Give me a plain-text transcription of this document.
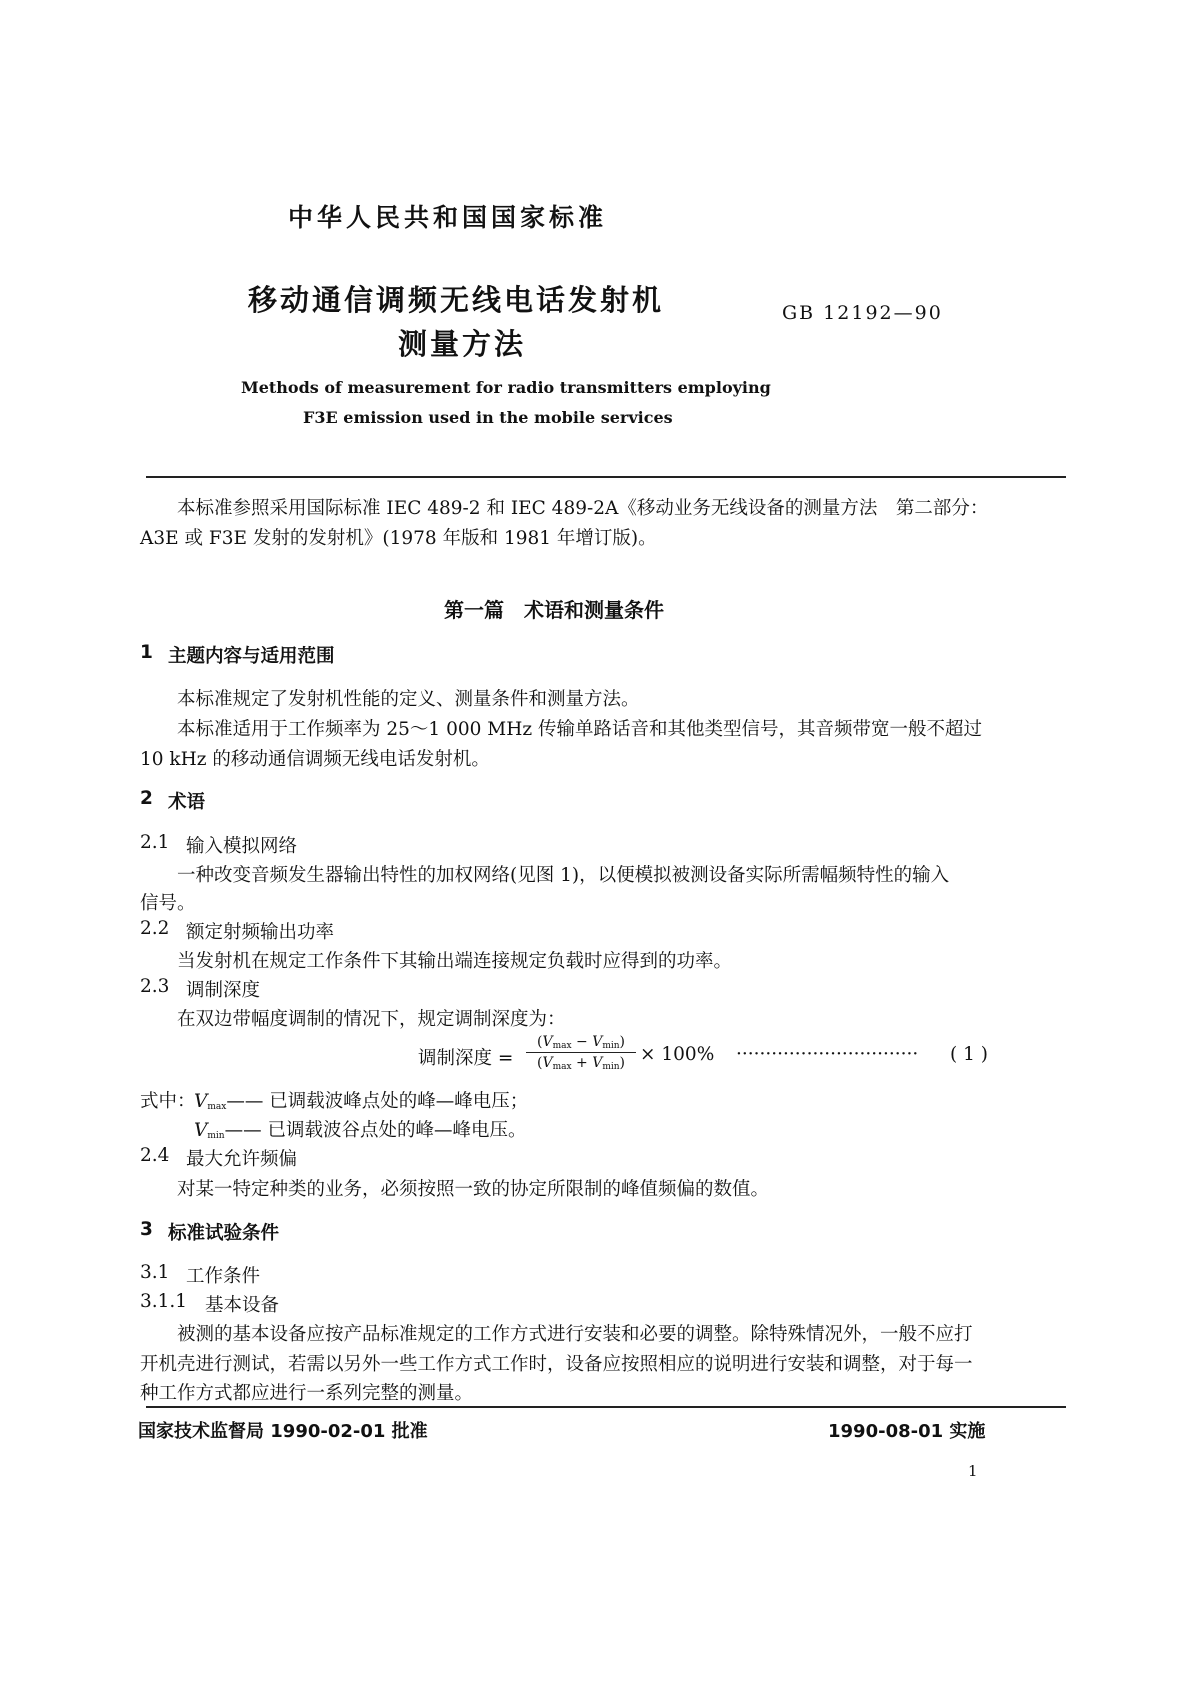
中华人民共和国国家标准
移动通信调频无线电话发射机
测量方法
GB 12192—90
Methods of measurement for radio transmitters employing
F3E emission used in the mobile services
本标准参照采用国际标准 IEC 489-2 和 IEC 489-2A《移动业务无线设备的测量方法　第二部分：
A3E 或 F3E 发射的发射机》(1978 年版和 1981 年增订版)。
第一篇　术语和测量条件
1 主题内容与适用范围
本标准规定了发射机性能的定义、测量条件和测量方法。
本标准适用于工作频率为 25～1 000 MHz 传输单路话音和其他类型信号，其音频带宽一般不超过
10 kHz 的移动通信调频无线电话发射机。
2 术语
2.1 输入模拟网络
一种改变音频发生器输出特性的加权网络(见图 1)，以便模拟被测设备实际所需幅频特性的输入
信号。
2.2 额定射频输出功率
当发射机在规定工作条件下其输出端连接规定负载时应得到的功率。
2.3 调制深度
在双边带幅度调制的情况下，规定调制深度为：
调制深度 =
$(V_{max} - V_{min})$
$(V_{max} + V_{min}) \times 100\%$ ······························· ( 1 )
式中：
$V_{max}——$ 已调载波峰点处的峰—峰电压；
$V_{min}——$ 已调载波谷点处的峰—峰电压。
2.4 最大允许频偏
对某一特定种类的业务，必须按照一致的协定所限制的峰值频偏的数值。
3 标准试验条件
3.1 工作条件
3.1.1 基本设备
被测的基本设备应按产品标准规定的工作方式进行安装和必要的调整。除特殊情况外，一般不应打
开机壳进行测试，若需以另外一些工作方式工作时，设备应按照相应的说明进行安装和调整，对于每一
种工作方式都应进行一系列完整的测量。
国家技术监督局 1990-02-01 批准	1990-08-01 实施
1
